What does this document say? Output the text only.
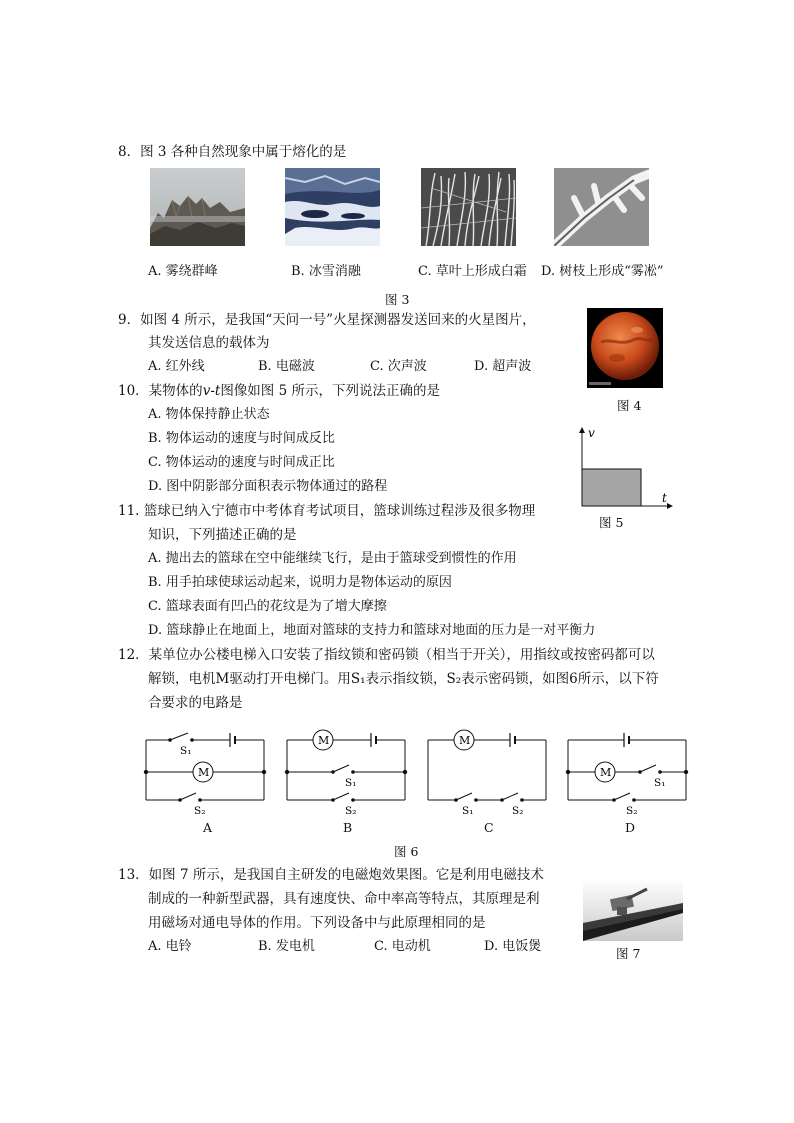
8．图 3 各种自然现象中属于熔化的是
A. 雾绕群峰	B. 冰雪消融	C. 草叶上形成白霜 D. 树枝上形成“雾凇”
图 3
9．如图 4 所示，是我国“天问一号”火星探测器发送回来的火星图片，
其发送信息的载体为
A. 红外线	B. 电磁波	C. 次声波	D. 超声波
图 4
10．某物体的v-t图像如图 5 所示，下列说法正确的是
A. 物体保持静止状态
B. 物体运动的速度与时间成反比
C. 物体运动的速度与时间成正比
D. 图中阴影部分面积表示物体通过的路程
v
t
图 5
11. 篮球已纳入宁德市中考体育考试项目，篮球训练过程涉及很多物理
知识，下列描述正确的是
A. 抛出去的篮球在空中能继续飞行，是由于篮球受到惯性的作用
B. 用手拍球使球运动起来，说明力是物体运动的原因
C. 篮球表面有凹凸的花纹是为了增大摩擦
D. 篮球静止在地面上，地面对篮球的支持力和篮球对地面的压力是一对平衡力
12．某单位办公楼电梯入口安装了指纹锁和密码锁（相当于开关），用指纹或按密码都可以
解锁，电机M驱动打开电梯门。用S₁表示指纹锁，S₂表示密码锁，如图6所示，以下符
合要求的电路是
M
S₁
S₂
A
M
S₁
S₂
B
M
S₁	S₂
C
M
S₁
S₂
D
图 6
13．如图 7 所示，是我国自主研发的电磁炮效果图。它是利用电磁技术
制成的一种新型武器，具有速度快、命中率高等特点，其原理是利
用磁场对通电导体的作用。下列设备中与此原理相同的是
A. 电铃	B. 发电机	C. 电动机	D. 电饭煲	图 7
